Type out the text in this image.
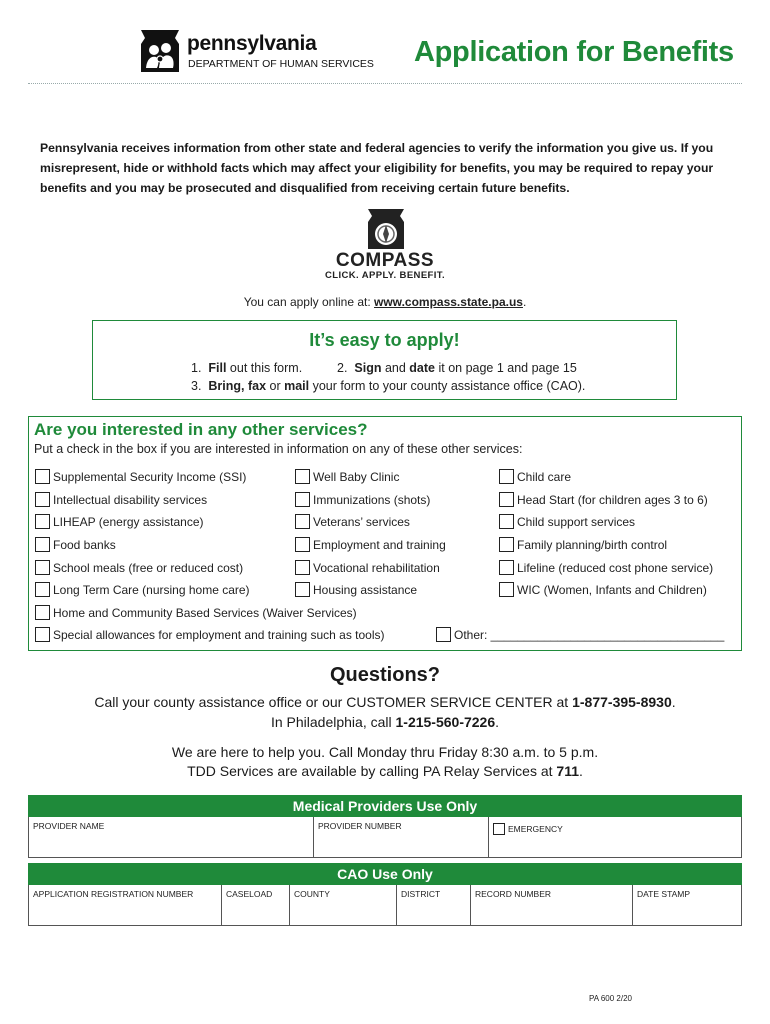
pennsylvania
DEPARTMENT OF HUMAN SERVICES Application for Benefits
Pennsylvania receives information from other state and federal agencies to verify the information you give us. If you misrepresent, hide or withhold facts which may affect your eligibility for benefits, you may be required to repay your benefits and you may be prosecuted and disqualified from receiving certain future benefits.
COMPASS
CLICK. APPLY. BENEFIT.
You can apply online at: www.compass.state.pa.us.
It’s easy to apply!
1. Fill out this form.	2. Sign and date it on page 1 and page 15
3. Bring, fax or mail your form to your county assistance office (CAO).
Are you interested in any other services?
Put a check in the box if you are interested in information on any of these other services:
Supplemental Security Income (SSI)
Intellectual disability services
LIHEAP (energy assistance)
Food banks
School meals (free or reduced cost)
Long Term Care (nursing home care)
Well Baby Clinic
Immunizations (shots)
Veterans’ services
Employment and training
Vocational rehabilitation
Housing assistance
Child care
Head Start (for children ages 3 to 6)
Child support services
Family planning/birth control
Lifeline (reduced cost phone service)
WIC (Women, Infants and Children)
Home and Community Based Services (Waiver Services)
Special allowances for employment and training such as tools)	Other: ___________________________________
Questions?
Call your county assistance office or our CUSTOMER SERVICE CENTER at 1-877-395-8930.
In Philadelphia, call 1-215-560-7226.
We are here to help you. Call Monday thru Friday 8:30 a.m. to 5 p.m.
TDD Services are available by calling PA Relay Services at 711.
Medical Providers Use Only
PROVIDER NAME	PROVIDER NUMBER	EMERGENCY
CAO Use Only
APPLICATION REGISTRATION NUMBER	CASELOAD	COUNTY	DISTRICT	RECORD NUMBER	DATE STAMP
PA 600 2/20
